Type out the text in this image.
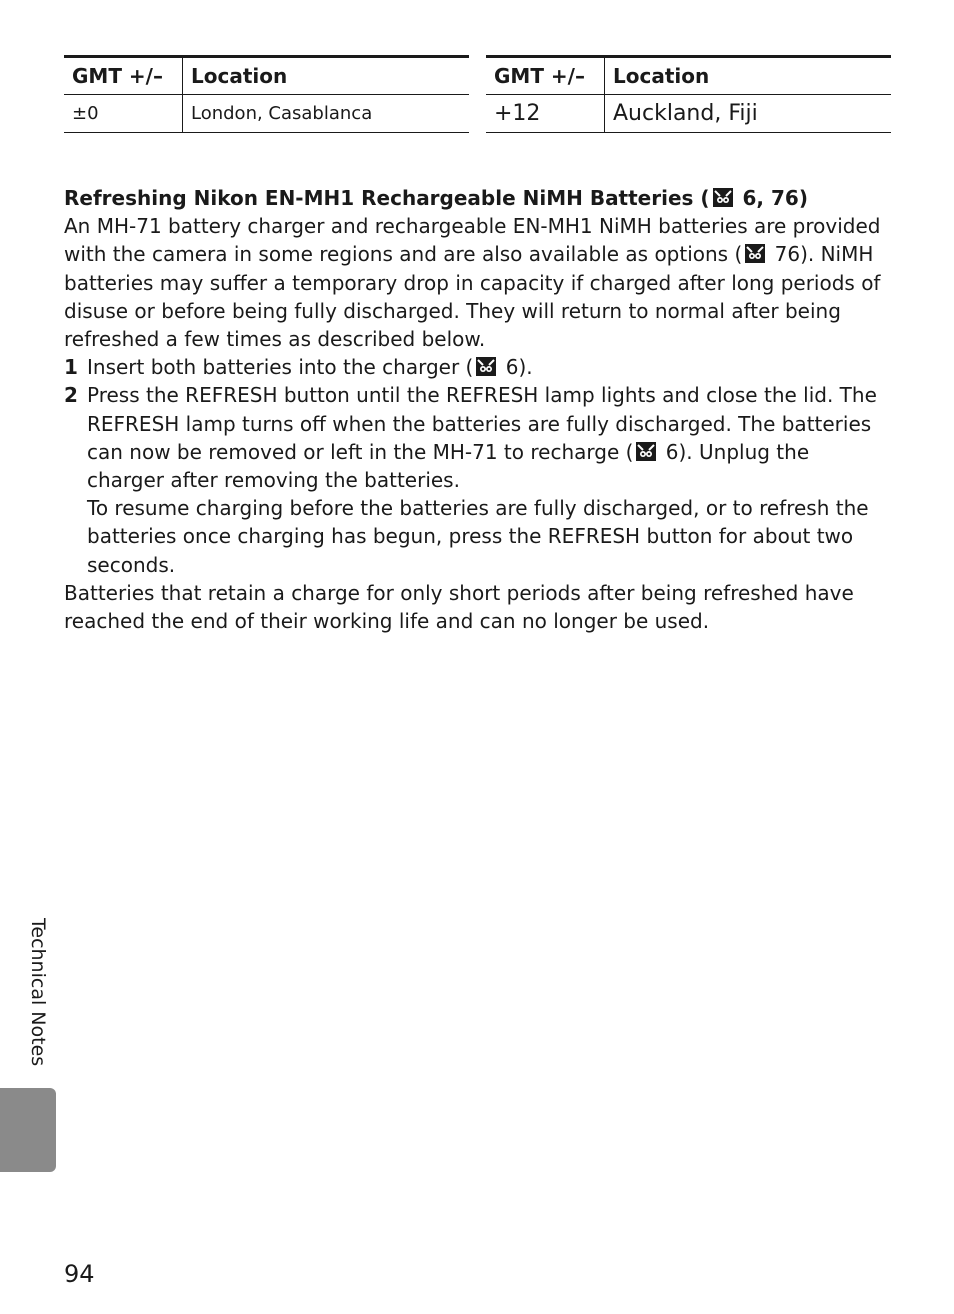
GMT +/–	Location
±0	London, Casablanca
GMT +/–	Location
+12	Auckland, Fiji

Refreshing Nikon EN-MH1 Rechargeable NiMH Batteries ( 6, 76)

An MH-71 battery charger and rechargeable EN-MH1 NiMH batteries are provided with the camera in some regions and are also available as options ( 76). NiMH batteries may suffer a temporary drop in capacity if charged after long periods of disuse or before being fully discharged. They will return to normal after being refreshed a few times as described below.

1 Insert both batteries into the charger ( 6).
2 Press the REFRESH button until the REFRESH lamp lights and close the lid. The REFRESH lamp turns off when the batteries are fully discharged. The batteries can now be removed or left in the MH-71 to recharge ( 6). Unplug the charger after removing the batteries.

To resume charging before the batteries are fully discharged, or to refresh the batteries once charging has begun, press the REFRESH button for about two seconds.

Batteries that retain a charge for only short periods after being refreshed have reached the end of their working life and can no longer be used.

Technical Notes
94
